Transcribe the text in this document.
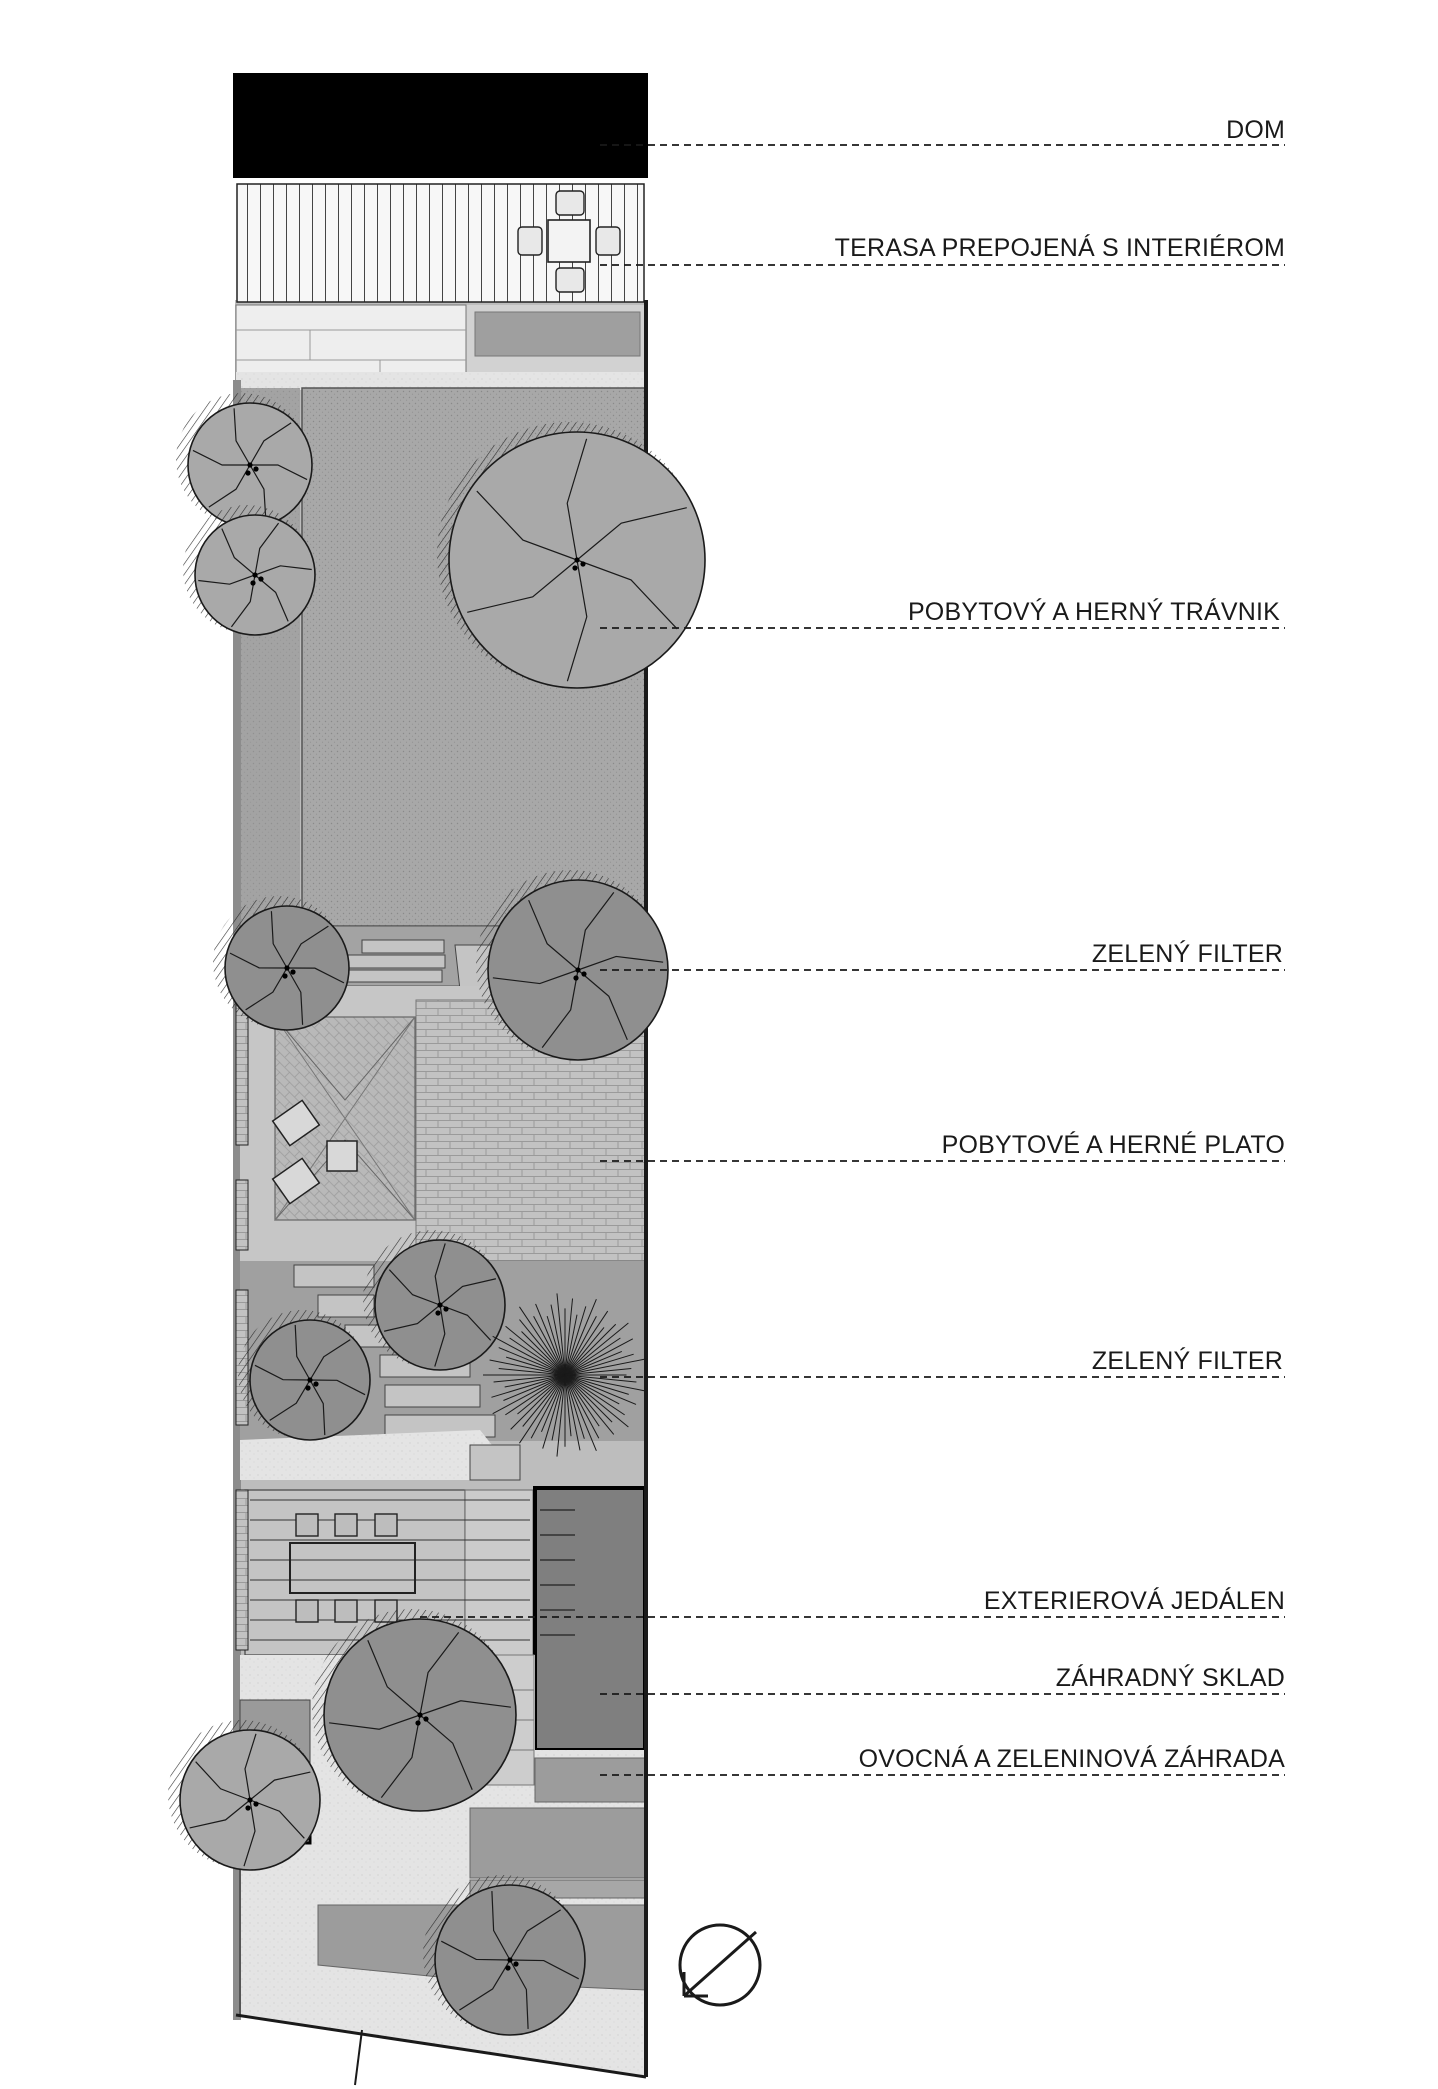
DOM
TERASA PREPOJENÁ S INTERIÉROM
POBYTOVÝ A HERNÝ TRÁVNIK
ZELENÝ FILTER
POBYTOVÉ A HERNÉ PLATO
ZELENÝ FILTER
EXTERIEROVÁ JEDÁLEN
ZÁHRADNÝ SKLAD
OVOCNÁ A ZELENINOVÁ ZÁHRADA
